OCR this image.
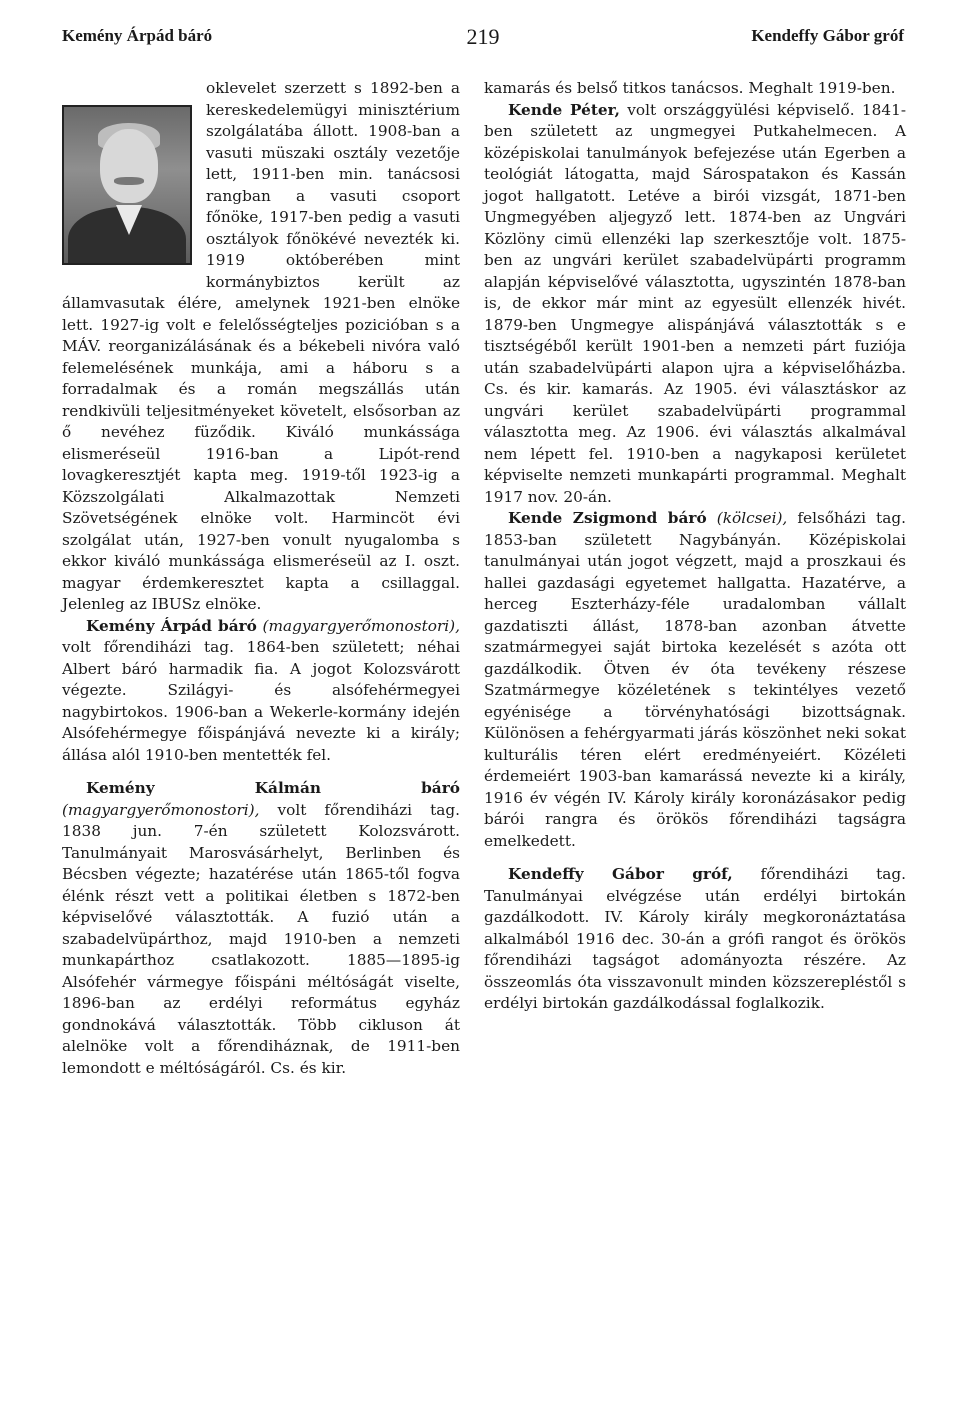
Kemény Árpád báró	219	Kendeffy Gábor gróf

oklevelet szerzett s 1892-ben a kereskedelemügyi minisztérium szolgálatába állott. 1908-ban a vasuti müszaki osztály vezetője lett, 1911-ben min. tanácsosi rangban a vasuti csoport főnöke, 1917-ben pedig a vasuti osztályok főnökévé nevezték ki. 1919 októberében mint kormánybiztos került az államvasutak élére, amelynek 1921-ben elnöke lett. 1927-ig volt e felelősségteljes pozicióban s a MÁV. reorganizálásának és a békebeli nivóra való felemelésének munkája, ami a háboru s a forradalmak és a román megszállás után rendkivüli teljesitményeket követelt, elsősorban az ő nevéhez füződik. Kiváló munkássága elismeréseül 1916-ban a Lipót-rend lovagkeresztjét kapta meg. 1919-től 1923-ig a Közszolgálati Alkalmazottak Nemzeti Szövetségének elnöke volt. Harmincöt évi szolgálat után, 1927-ben vonult nyugalomba s ekkor kiváló munkássága elismeréseül az I. oszt. magyar érdemkeresztet kapta a csillaggal. Jelenleg az IBUSz elnöke.

Kemény Árpád báró (magyargyerőmonostori), volt főrendiházi tag. 1864-ben született; néhai Albert báró harmadik fia. A jogot Kolozsvárott végezte. Szilágyi- és alsófehérmegyei nagybirtokos. 1906-ban a Wekerle-kormány idején Alsófehérmegye főispánjává nevezte ki a király; állása alól 1910-ben mentették fel.

Kemény Kálmán báró (magyargyerőmonostori), volt főrendiházi tag. 1838 jun. 7-én született Kolozsvárott. Tanulmányait Marosvásárhelyt, Berlinben és Bécsben végezte; hazatérése után 1865-től fogva élénk részt vett a politikai életben s 1872-ben képviselővé választották. A fuzió után a szabadelvüpárthoz, majd 1910-ben a nemzeti munkapárthoz csatlakozott. 1885—1895-ig Alsófehér vármegye főispáni méltóságát viselte, 1896-ban az erdélyi református egyház gondnokává választották. Több cikluson át alelnöke volt a főrendiháznak, de 1911-ben lemondott e méltóságáról. Cs. és kir.

kamarás és belső titkos tanácsos. Meghalt 1919-ben.

Kende Péter, volt országgyülési képviselő. 1841-ben született az ungmegyei Putkahelmecen. A középiskolai tanulmányok befejezése után Egerben a teológiát látogatta, majd Sárospatakon és Kassán jogot hallgatott. Letéve a birói vizsgát, 1871-ben Ungmegyében aljegyző lett. 1874-ben az Ungvári Közlöny cimü ellenzéki lap szerkesztője volt. 1875-ben az ungvári kerület szabadelvüpárti programm alapján képviselővé választotta, ugyszintén 1878-ban is, de ekkor már mint az egyesült ellenzék hivét. 1879-ben Ungmegye alispánjává választották s e tisztségéből került 1901-ben a nemzeti párt fuziója után szabadelvüpárti alapon ujra a képviselőházba. Cs. és kir. kamarás. Az 1905. évi választáskor az ungvári kerület szabadelvüpárti programmal választotta meg. Az 1906. évi választás alkalmával nem lépett fel. 1910-ben a nagykaposi kerületet képviselte nemzeti munkapárti programmal. Meghalt 1917 nov. 20-án.

Kende Zsigmond báró (kölcsei), felsőházi tag. 1853-ban született Nagybányán. Középiskolai tanulmányai után jogot végzett, majd a proszkaui és hallei gazdasági egyetemet hallgatta. Hazatérve, a herceg Eszterházy-féle uradalomban vállalt gazdatiszti állást, 1878-ban azonban átvette szatmármegyei saját birtoka kezelését s azóta ott gazdálkodik. Ötven év óta tevékeny részese Szatmármegye közéletének s tekintélyes vezető egyénisége a törvényhatósági bizottságnak. Különösen a fehérgyarmati járás köszönhet neki sokat kulturális téren elért eredményeiért. Közéleti érdemeiért 1903-ban kamarássá nevezte ki a király, 1916 év végén IV. Károly király koronázásakor pedig bárói rangra és örökös főrendiházi tagságra emelkedett.

Kendeffy Gábor gróf, főrendiházi tag. Tanulmányai elvégzése után erdélyi birtokán gazdálkodott. IV. Károly király megkoronáztatása alkalmából 1916 dec. 30-án a grófi rangot és örökös főrendiházi tagságot adományozta részére. Az összeomlás óta visszavonult minden közszerepléstől s erdélyi birtokán gazdálkodással foglalkozik.
